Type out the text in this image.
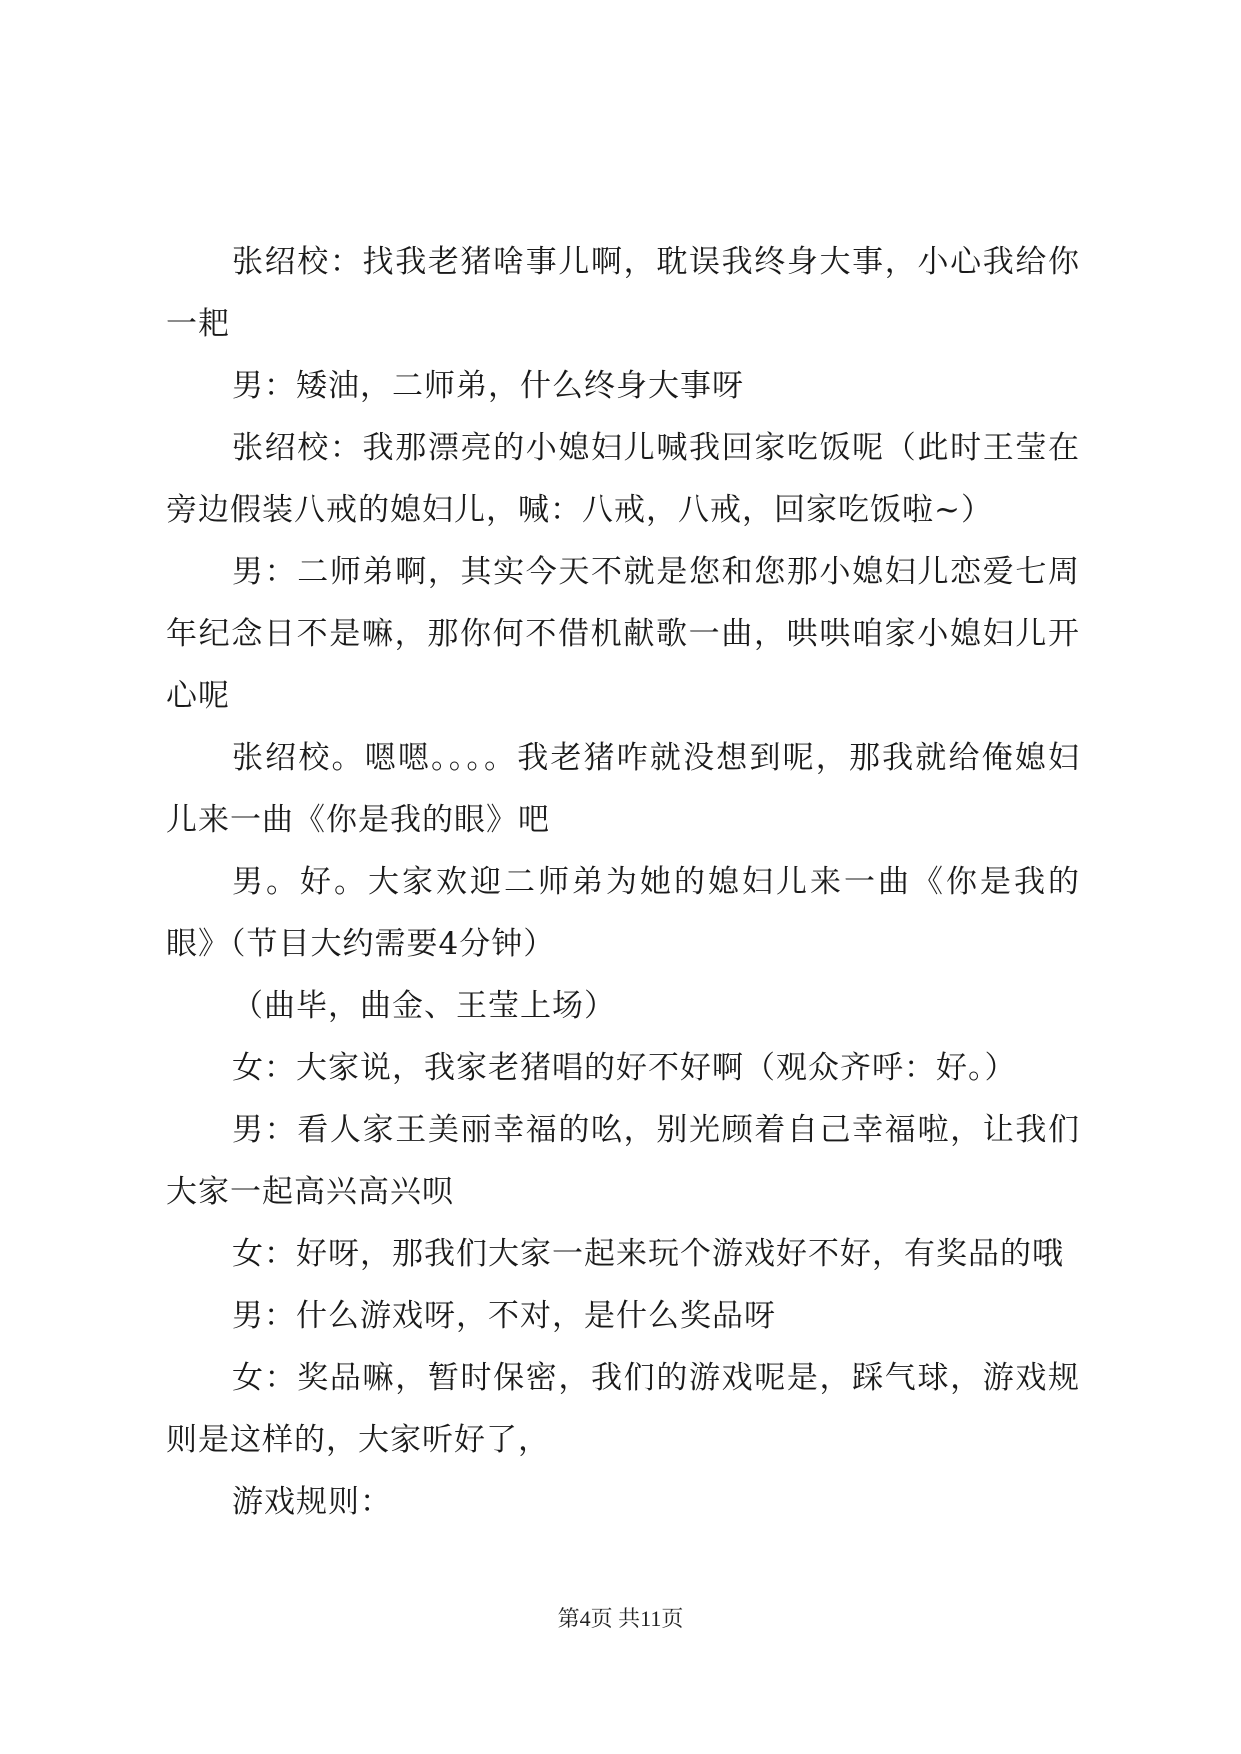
张绍校：找我老猪啥事儿啊，耽误我终身大事，小心我给你一耙

男：矮油，二师弟，什么终身大事呀

张绍校：我那漂亮的小媳妇儿喊我回家吃饭呢（此时王莹在旁边假装八戒的媳妇儿，喊：八戒，八戒，回家吃饭啦~）

男：二师弟啊，其实今天不就是您和您那小媳妇儿恋爱七周年纪念日不是嘛，那你何不借机献歌一曲，哄哄咱家小媳妇儿开心呢

张绍校。嗯嗯。。。。我老猪咋就没想到呢，那我就给俺媳妇儿来一曲《你是我的眼》吧

男。好。大家欢迎二师弟为她的媳妇儿来一曲《你是我的眼》（节目大约需要4分钟）

（曲毕，曲金、王莹上场）

女：大家说，我家老猪唱的好不好啊（观众齐呼：好。）

男：看人家王美丽幸福的吆，别光顾着自己幸福啦，让我们大家一起高兴高兴呗

女：好呀，那我们大家一起来玩个游戏好不好，有奖品的哦

男：什么游戏呀，不对，是什么奖品呀

女：奖品嘛，暂时保密，我们的游戏呢是，踩气球，游戏规则是这样的，大家听好了，

游戏规则：

第4页 共11页
